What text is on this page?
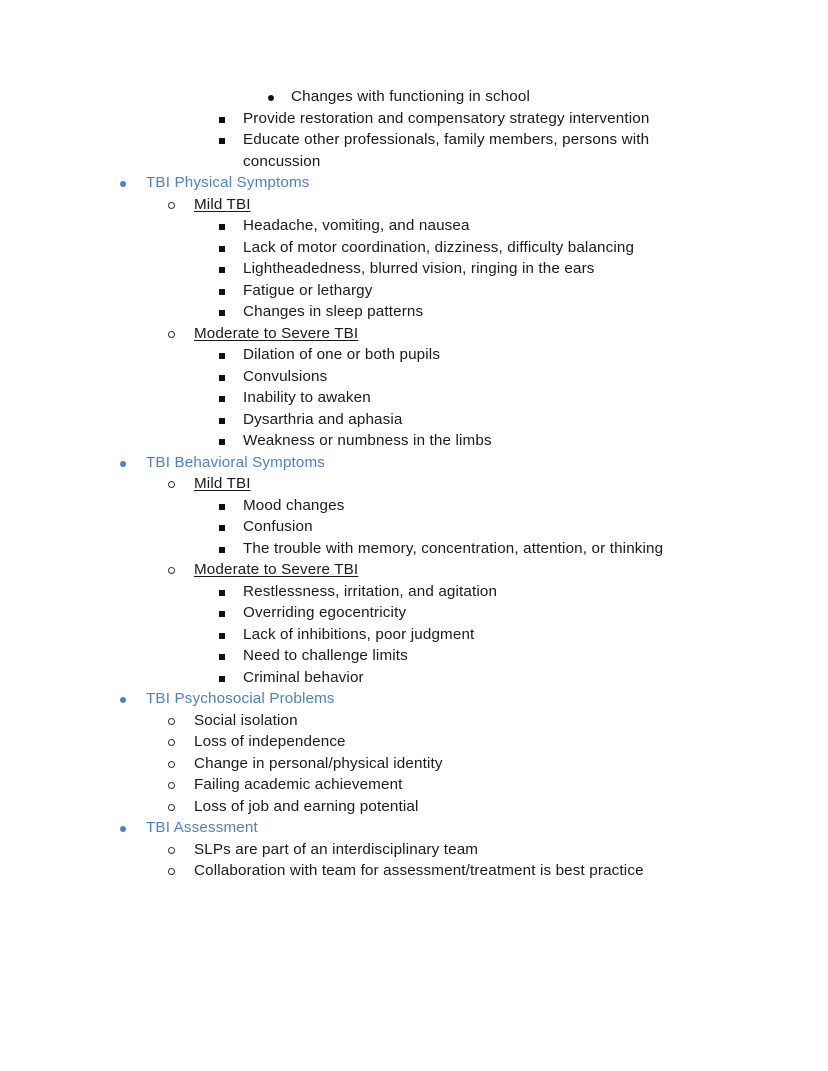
Changes with functioning in school
Provide restoration and compensatory strategy intervention
Educate other professionals, family members, persons with concussion
TBI Physical Symptoms
Mild TBI
Headache, vomiting, and nausea
Lack of motor coordination, dizziness, difficulty balancing
Lightheadedness, blurred vision, ringing in the ears
Fatigue or lethargy
Changes in sleep patterns
Moderate to Severe TBI
Dilation of one or both pupils
Convulsions
Inability to awaken
Dysarthria and aphasia
Weakness or numbness in the limbs
TBI Behavioral Symptoms
Mild TBI
Mood changes
Confusion
The trouble with memory, concentration, attention, or thinking
Moderate to Severe TBI
Restlessness, irritation, and agitation
Overriding egocentricity
Lack of inhibitions, poor judgment
Need to challenge limits
Criminal behavior
TBI Psychosocial Problems
Social isolation
Loss of independence
Change in personal/physical identity
Failing academic achievement
Loss of job and earning potential
TBI Assessment
SLPs are part of an interdisciplinary team
Collaboration with team for assessment/treatment is best practice
